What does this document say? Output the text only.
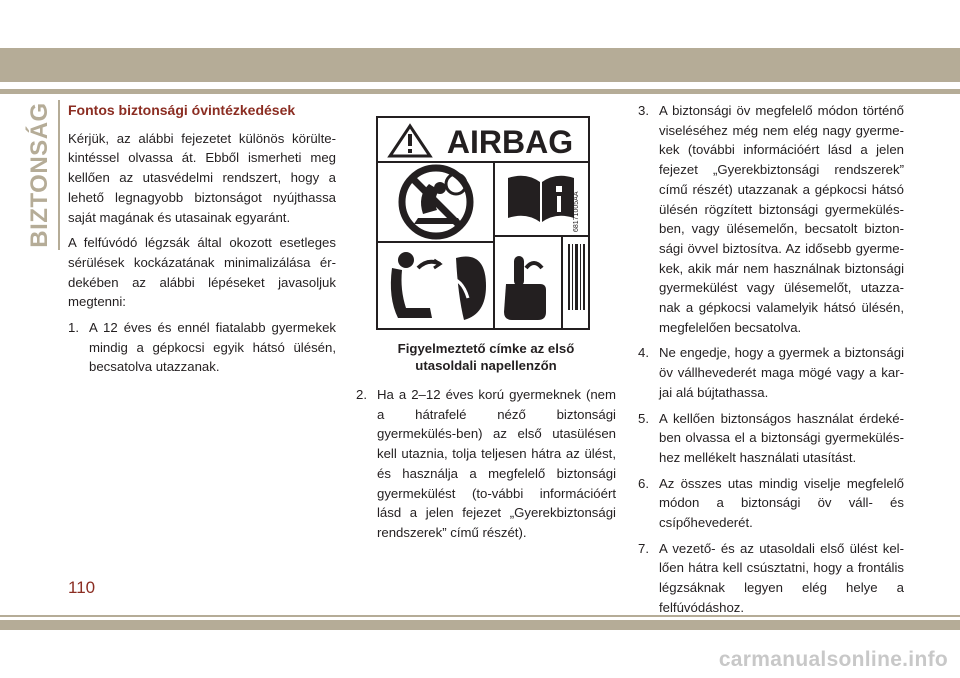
BIZTONSÁG Fontos biztonsági óvintézkedések

Kérjük, az alábbi fejezetet különös körülte-kintéssel olvassa át. Ebből ismerheti meg kellően az utasvédelmi rendszert, hogy a lehető legnagyobb biztonságot nyújthassa saját magának és utasainak egyaránt.

A felfúvódó légzsák által okozott esetleges sérülések kockázatának minimalizálása ér-dekében az alábbi lépéseket javasoljuk megtenni:

1. A 12 éves és ennél fiatalabb gyermekek mindig a gépkocsi egyik hátsó ülésén, becsatolva utazzanak.
AIRBAG
68171005AA
Figyelmeztető címke az első
utasoldali napellenzőn
2. Ha a 2–12 éves korú gyermeknek (nem a hátrafelé néző biztonsági gyermekülés-ben) az első utasülésen kell utaznia, tolja teljesen hátra az ülést, és használja a megfelelő biztonsági gyermekülést (to-vábbi információért lásd a jelen fejezet „Gyerekbiztonsági rendszerek” című részét).
3. A biztonsági öv megfelelő módon történő viseléséhez még nem elég nagy gyerme-kek (további információért lásd a jelen fejezet „Gyerekbiztonsági rendszerek” című részét) utazzanak a gépkocsi hátsó ülésén rögzített biztonsági gyermekülés-ben, vagy ülésemelőn, becsatolt bizton-sági övvel biztosítva. Az idősebb gyerme-kek, akik már nem használnak biztonsági gyermekülést vagy ülésemelőt, utazza-nak a gépkocsi valamelyik hátsó ülésén, megfelelően becsatolva.
4. Ne engedje, hogy a gyermek a biztonsági öv vállhevederét maga mögé vagy a kar-jai alá bújtathassa.
5. A kellően biztonságos használat érdeké-ben olvassa el a biztonsági gyermekülés-hez mellékelt használati utasítást.
6. Az összes utas mindig viselje megfelelő módon a biztonsági öv váll- és csípőhevederét.
7. A vezető- és az utasoldali első ülést kel-lően hátra kell csúsztatni, hogy a frontális légzsáknak legyen elég helye a felfúvódáshoz.
110
carmanualsonline.info
